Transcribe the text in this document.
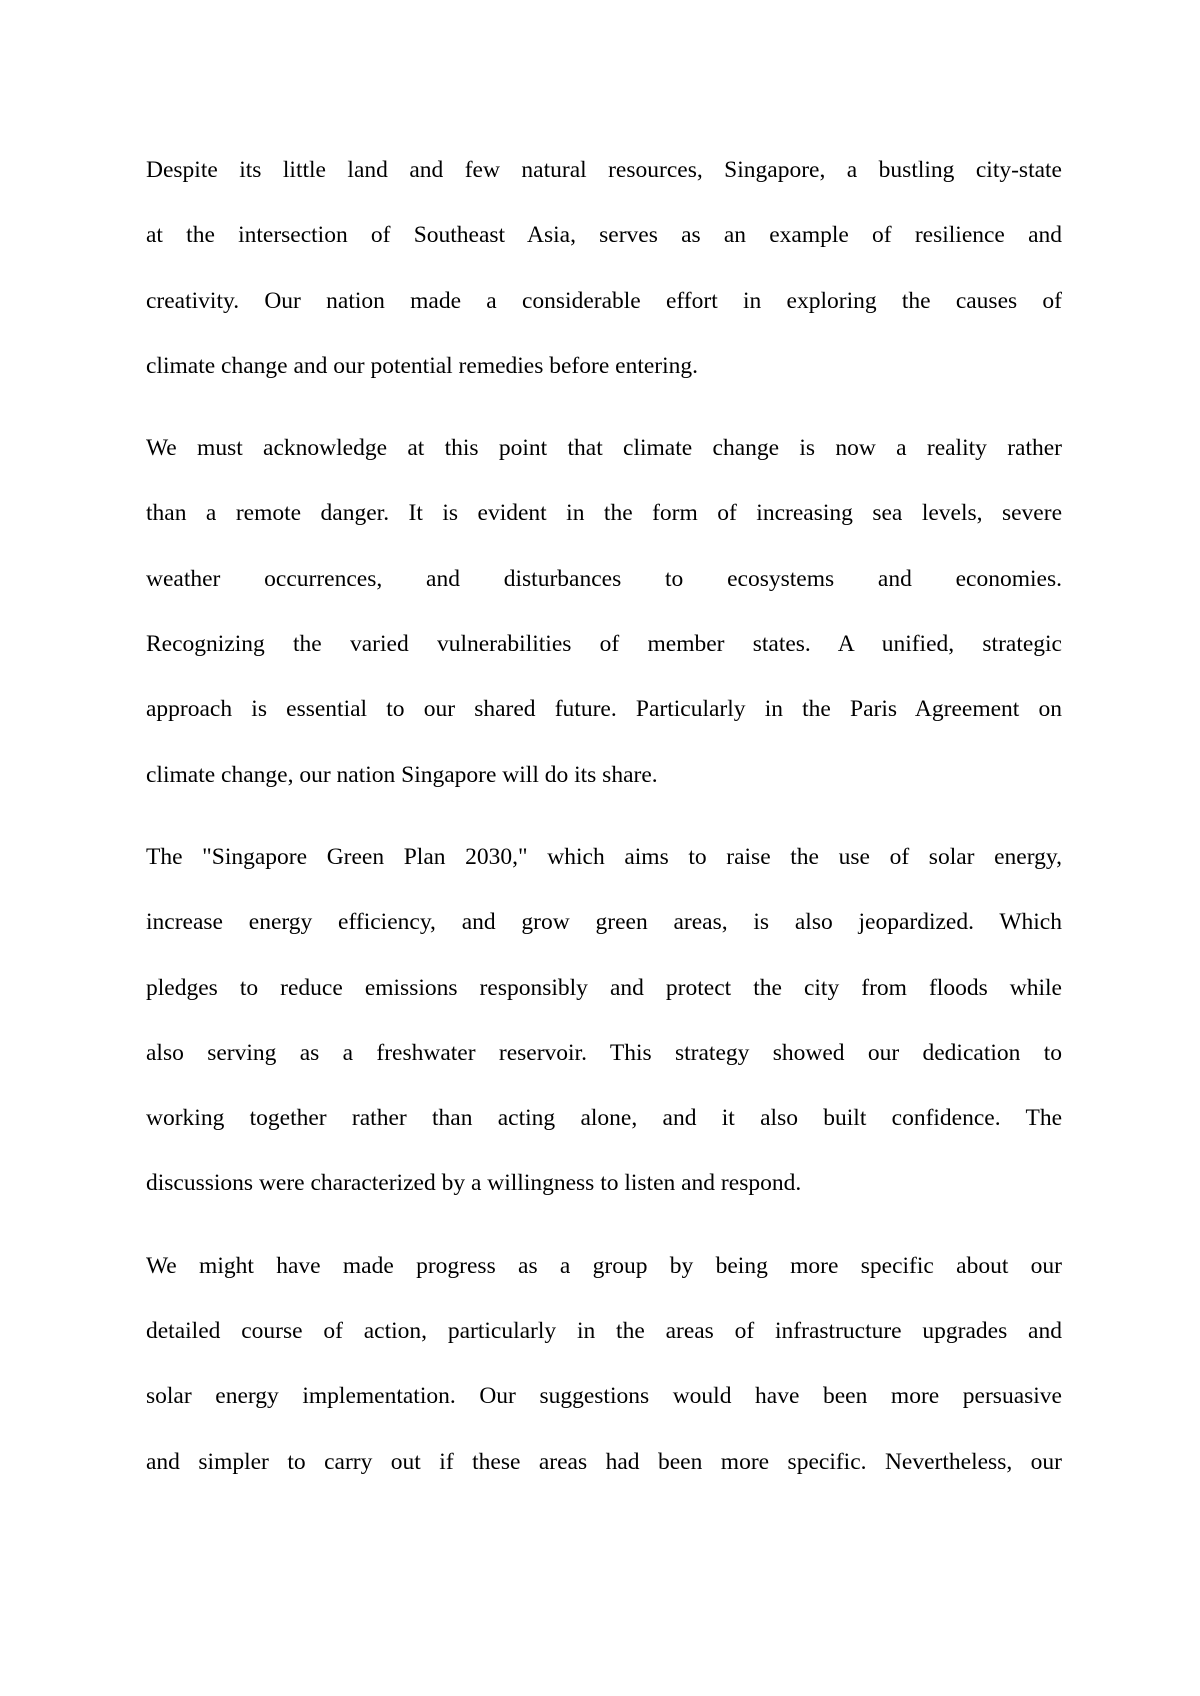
Despite its little land and few natural resources, Singapore, a bustling city-state
at the intersection of Southeast Asia, serves as an example of resilience and
creativity. Our nation made a considerable effort in exploring the causes of
climate change and our potential remedies before entering.
We must acknowledge at this point that climate change is now a reality rather
than a remote danger. It is evident in the form of increasing sea levels, severe
weather occurrences, and disturbances to ecosystems and economies.
Recognizing the varied vulnerabilities of member states. A unified, strategic
approach is essential to our shared future. Particularly in the Paris Agreement on
climate change, our nation Singapore will do its share.
The "Singapore Green Plan 2030," which aims to raise the use of solar energy,
increase energy efficiency, and grow green areas, is also jeopardized. Which
pledges to reduce emissions responsibly and protect the city from floods while
also serving as a freshwater reservoir. This strategy showed our dedication to
working together rather than acting alone, and it also built confidence. The
discussions were characterized by a willingness to listen and respond.
We might have made progress as a group by being more specific about our
detailed course of action, particularly in the areas of infrastructure upgrades and
solar energy implementation. Our suggestions would have been more persuasive
and simpler to carry out if these areas had been more specific. Nevertheless, our
